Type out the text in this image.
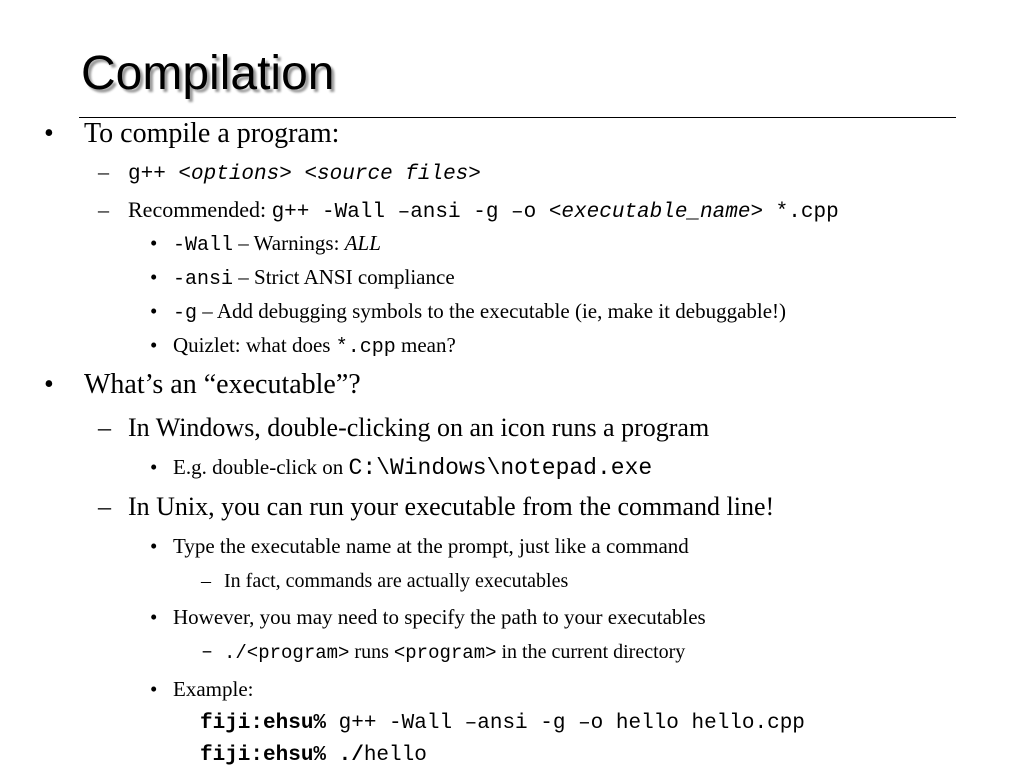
Compilation
• To compile a program:
– g++ <options> <source files>
– Recommended: g++ -Wall –ansi -g –o <executable_name> *.cpp
• -Wall – Warnings: ALL
• -ansi – Strict ANSI compliance
• -g – Add debugging symbols to the executable (ie, make it debuggable!)
• Quizlet: what does *.cpp mean?
• What’s an “executable”?
– In Windows, double-clicking on an icon runs a program
• E.g. double-click on C:\Windows\notepad.exe
– In Unix, you can run your executable from the command line!
• Type the executable name at the prompt, just like a command
– In fact, commands are actually executables
• However, you may need to specify the path to your executables
– ./<program> runs <program> in the current directory
• Example:
fiji:ehsu% g++ -Wall –ansi -g –o hello hello.cpp
fiji:ehsu% ./hello
